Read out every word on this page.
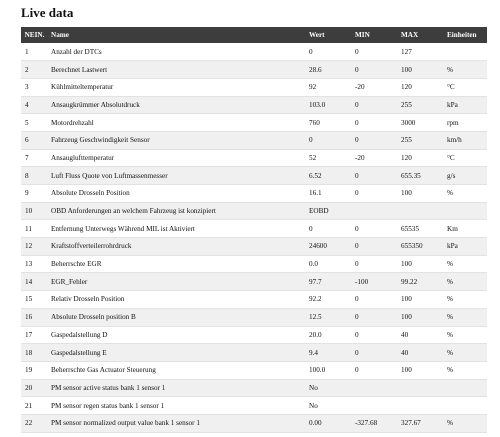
Live data
NEIN.	Name	Wert	MIN	MAX	Einheiten
1	Anzahl der DTCs	0	0	127	
2	Berechnet Lastwert	28.6	0	100	%
3	Kühlmitteltemperatur	92	-20	120	°C
4	Ansaugkrümmer Absolutdruck	103.0	0	255	kPa
5	Motordrehzahl	760	0	3000	rpm
6	Fahrzeug Geschwindigkeit Sensor	0	0	255	km/h
7	Ansauglufttemperatur	52	-20	120	°C
8	Luft Fluss Quote von Luftmassenmesser	6.52	0	655.35	g/s
9	Absolute Drosseln Position	16.1	0	100	%
10	OBD Anforderungen an welchem Fahrzeug ist konzipiert	EOBD			
11	Entfernung Unterwegs Während MIL ist Aktiviert	0	0	65535	Km
12	Kraftstoffverteilerrohrdruck	24600	0	655350	kPa
13	Beherrschte EGR	0.0	0	100	%
14	EGR_Fehler	97.7	-100	99.22	%
15	Relativ Drosseln Position	92.2	0	100	%
16	Absolute Drosseln position B	12.5	0	100	%
17	Gaspedalstellung D	20.0	0	40	%
18	Gaspedalstellung E	9.4	0	40	%
19	Beherrschte Gas Actuator Steuerung	100.0	0	100	%
20	PM sensor active status bank 1 sensor 1	No			
21	PM sensor regen status bank 1 sensor 1	No			
22	PM sensor normalized output value bank 1 sensor 1	0.00	-327.68	327.67	%
